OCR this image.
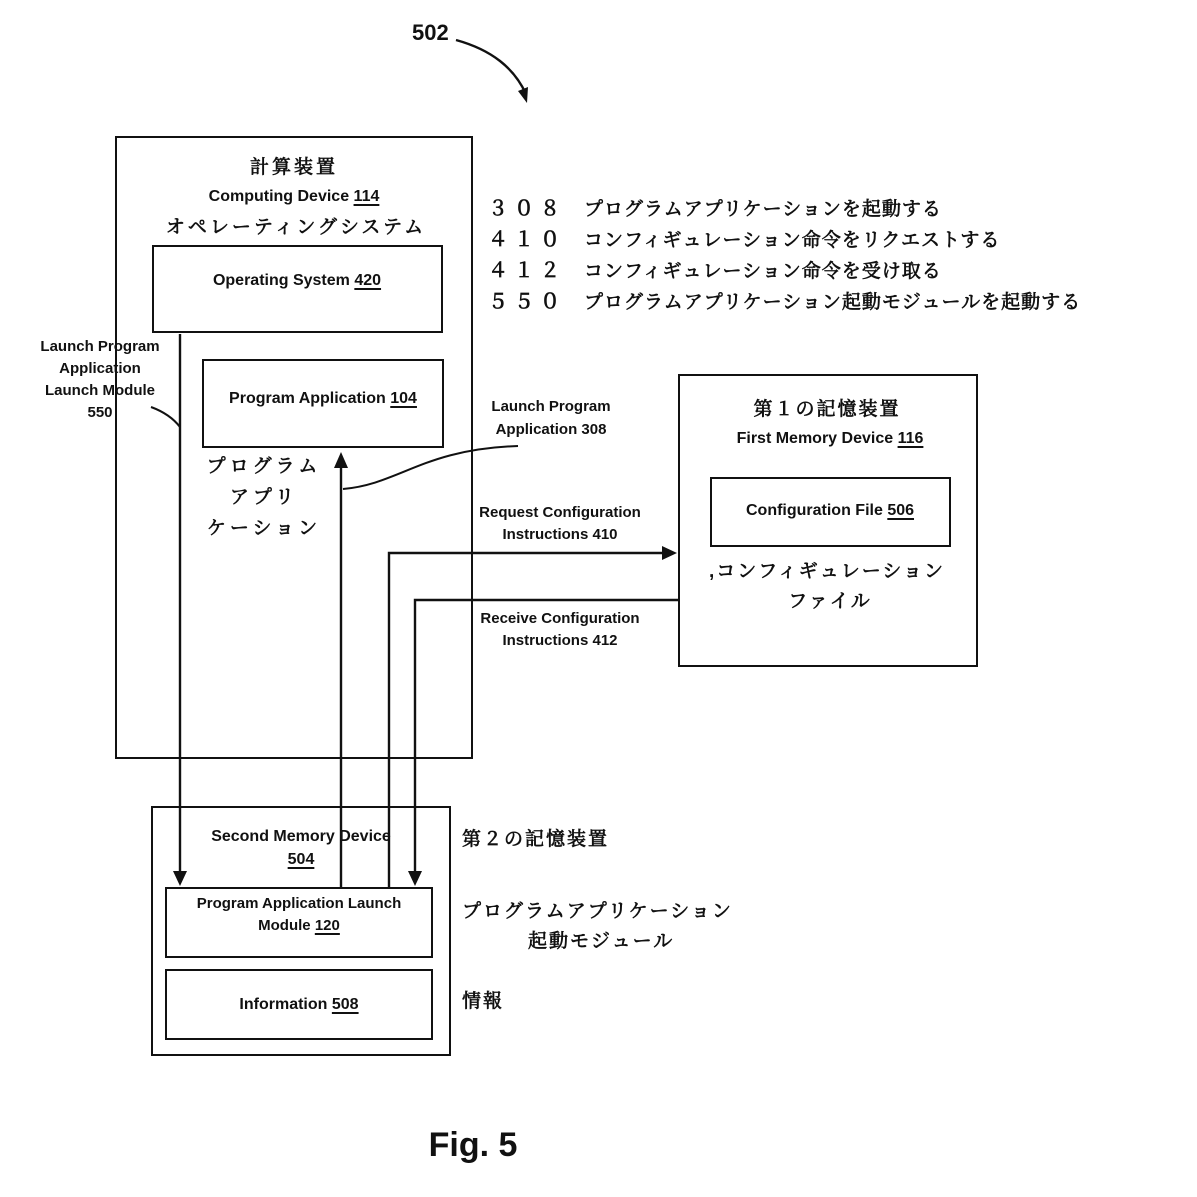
502
計算装置
Computing Device 114
オペレーティングシステム
Operating System 420
Program Application 104
プログラム
アプリ
ケーション
Launch Program
Application
Launch Module
550	Launch Program
Application 308
Request Configuration
Instructions 410
Receive Configuration
Instructions 412
第１の記憶装置
First Memory Device 116
Configuration File 506
,コンフィギュレーション
ファイル
３０８ プログラムアプリケーションを起動する
４１０ コンフィギュレーション命令をリクエストする
４１２ コンフィギュレーション命令を受け取る
５５０ プログラムアプリケーション起動モジュールを起動する
Second Memory Device
504
Program Application Launch
Module 120
Information 508
第２の記憶装置
プログラムアプリケーション
起動モジュール
情報
Fig. 5
